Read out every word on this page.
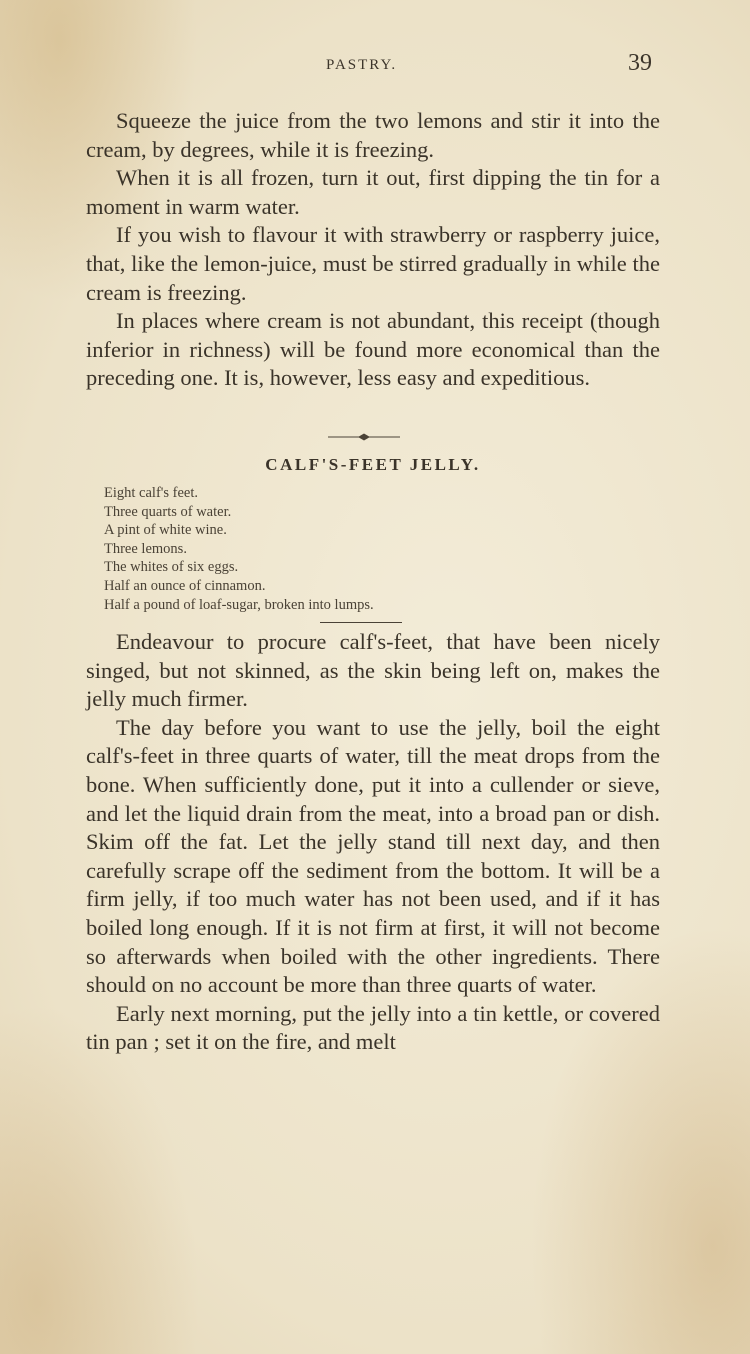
PASTRY.	39

Squeeze the juice from the two lemons and stir it into the cream, by degrees, while it is freezing.

When it is all frozen, turn it out, first dipping the tin for a moment in warm water.

If you wish to flavour it with strawberry or raspberry juice, that, like the lemon-juice, must be stirred gradually in while the cream is freezing.

In places where cream is not abundant, this receipt (though inferior in richness) will be found more economical than the preceding one. It is, however, less easy and expeditious.

CALF'S-FEET JELLY.
Eight calf's feet.
Three quarts of water.
A pint of white wine.
Three lemons.
The whites of six eggs.
Half an ounce of cinnamon.
Half a pound of loaf-sugar, broken into lumps.

Endeavour to procure calf's-feet, that have been nicely singed, but not skinned, as the skin being left on, makes the jelly much firmer.

The day before you want to use the jelly, boil the eight calf's-feet in three quarts of water, till the meat drops from the bone. When sufficiently done, put it into a cullender or sieve, and let the liquid drain from the meat, into a broad pan or dish. Skim off the fat. Let the jelly stand till next day, and then carefully scrape off the sediment from the bottom. It will be a firm jelly, if too much water has not been used, and if it has boiled long enough. If it is not firm at first, it will not become so afterwards when boiled with the other ingredients. There should on no account be more than three quarts of water.

Early next morning, put the jelly into a tin kettle, or covered tin pan ; set it on the fire, and melt
